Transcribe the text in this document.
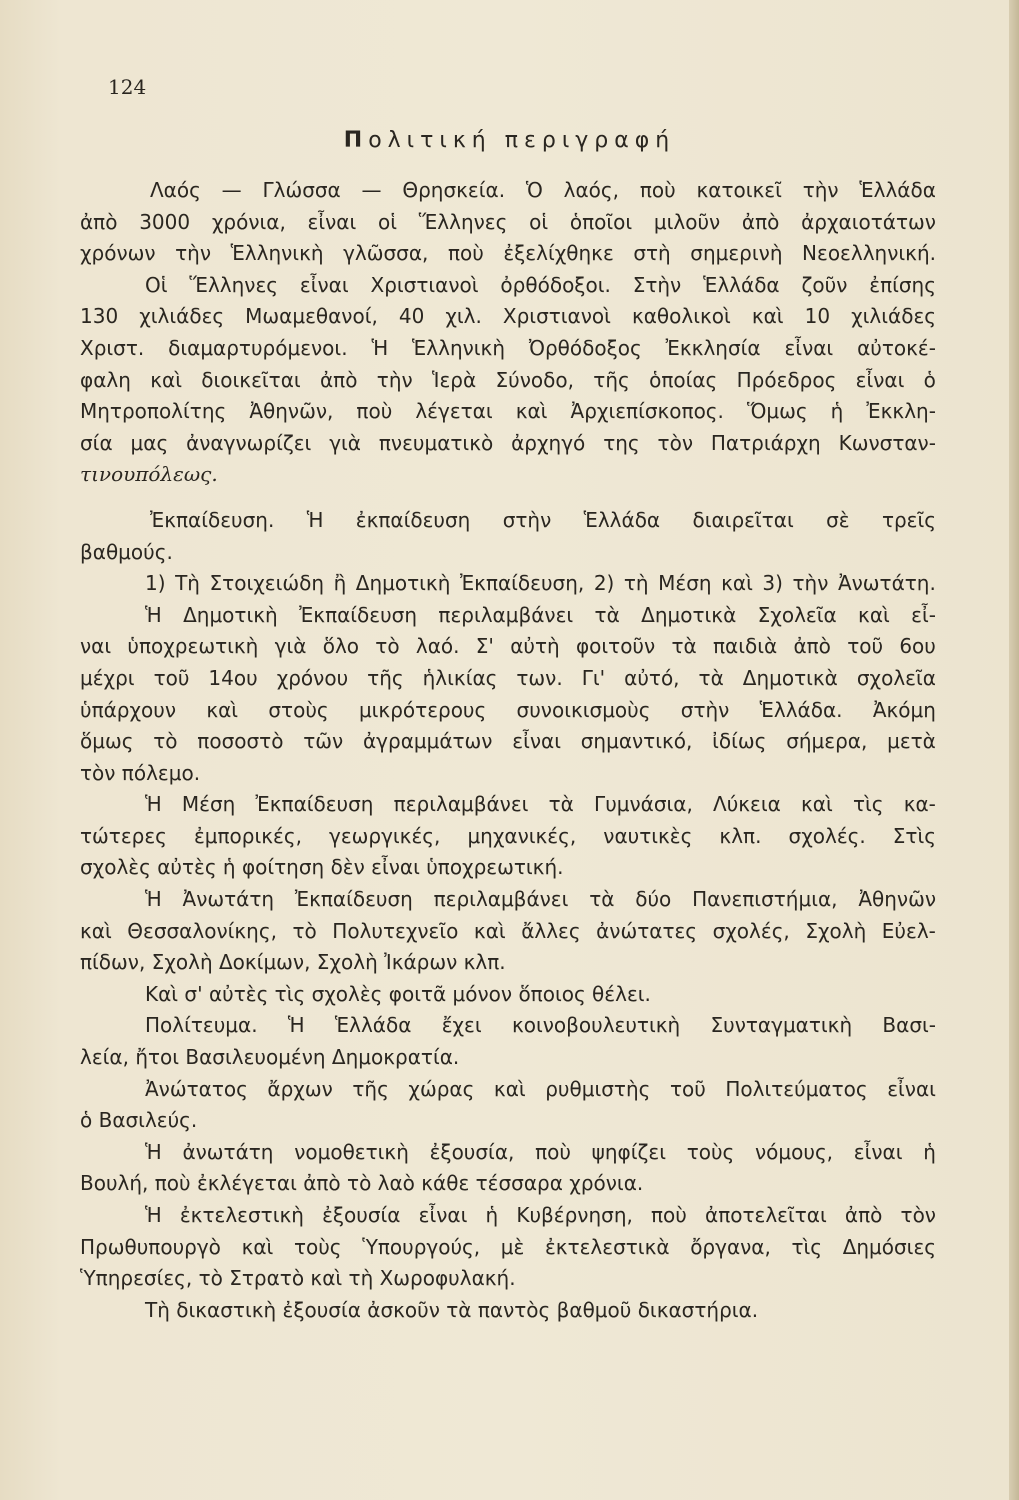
124
Πολιτική περιγραφή
Λαός — Γλώσσα — Θρησκεία. Ὁ λαός, ποὺ κατοικεῖ τὴν Ἑλλάδα
ἀπὸ 3000 χρόνια, εἶναι οἱ Ἕλληνες οἱ ὁποῖοι μιλοῦν ἀπὸ ἀρχαιοτάτων
χρόνων τὴν Ἑλληνικὴ γλῶσσα, ποὺ ἐξελίχθηκε στὴ σημερινὴ Νεοελληνική.
Οἱ Ἕλληνες εἶναι Χριστιανοὶ ὀρθόδοξοι. Στὴν Ἑλλάδα ζοῦν ἐπίσης
130 χιλιάδες Μωαμεθανοί, 40 χιλ. Χριστιανοὶ καθολικοὶ καὶ 10 χιλιάδες
Χριστ. διαμαρτυρόμενοι. Ἡ Ἑλληνικὴ Ὀρθόδοξος Ἐκκλησία εἶναι αὐτοκέ-
φαλη καὶ διοικεῖται ἀπὸ τὴν Ἱερὰ Σύνοδο, τῆς ὁποίας Πρόεδρος εἶναι ὁ
Μητροπολίτης Ἀθηνῶν, ποὺ λέγεται καὶ Ἀρχιεπίσκοπος. Ὅμως ἡ Ἐκκλη-
σία μας ἀναγνωρίζει γιὰ πνευματικὸ ἀρχηγό της τὸν Πατριάρχη Κωνσταν-
τινουπόλεως.
Ἐκπαίδευση. Ἡ ἐκπαίδευση στὴν Ἑλλάδα διαιρεῖται σὲ τρεῖς
βαθμούς.
1) Τὴ Στοιχειώδη ἢ Δημοτικὴ Ἐκπαίδευση, 2) τὴ Μέση καὶ 3) τὴν Ἀνωτάτη.
Ἡ Δημοτικὴ Ἐκπαίδευση περιλαμβάνει τὰ Δημοτικὰ Σχολεῖα καὶ εἶ-
ναι ὑποχρεωτικὴ γιὰ ὅλο τὸ λαό. Σ' αὐτὴ φοιτοῦν τὰ παιδιὰ ἀπὸ τοῦ 6ου
μέχρι τοῦ 14ου χρόνου τῆς ἡλικίας των. Γι' αὐτό, τὰ Δημοτικὰ σχολεῖα
ὑπάρχουν καὶ στοὺς μικρότερους συνοικισμοὺς στὴν Ἑλλάδα. Ἀκόμη
ὅμως τὸ ποσοστὸ τῶν ἀγραμμάτων εἶναι σημαντικό, ἰδίως σήμερα, μετὰ
τὸν πόλεμο.
Ἡ Μέση Ἐκπαίδευση περιλαμβάνει τὰ Γυμνάσια, Λύκεια καὶ τὶς κα-
τώτερες ἐμπορικές, γεωργικές, μηχανικές, ναυτικὲς κλπ. σχολές. Στὶς
σχολὲς αὐτὲς ἡ φοίτηση δὲν εἶναι ὑποχρεωτική.
Ἡ Ἀνωτάτη Ἐκπαίδευση περιλαμβάνει τὰ δύο Πανεπιστήμια, Ἀθηνῶν
καὶ Θεσσαλονίκης, τὸ Πολυτεχνεῖο καὶ ἄλλες ἀνώτατες σχολές, Σχολὴ Εὐελ-
πίδων, Σχολὴ Δοκίμων, Σχολὴ Ἰκάρων κλπ.
Καὶ σ' αὐτὲς τὶς σχολὲς φοιτᾶ μόνον ὅποιος θέλει.
Πολίτευμα. Ἡ Ἑλλάδα ἔχει κοινοβουλευτικὴ Συνταγματικὴ Βασι-
λεία, ἤτοι Βασιλευομένη Δημοκρατία.
Ἀνώτατος ἄρχων τῆς χώρας καὶ ρυθμιστὴς τοῦ Πολιτεύματος εἶναι
ὁ Βασιλεύς.
Ἡ ἀνωτάτη νομοθετικὴ ἐξουσία, ποὺ ψηφίζει τοὺς νόμους, εἶναι ἡ
Βουλή, ποὺ ἐκλέγεται ἀπὸ τὸ λαὸ κάθε τέσσαρα χρόνια.
Ἡ ἐκτελεστικὴ ἐξουσία εἶναι ἡ Κυβέρνηση, ποὺ ἀποτελεῖται ἀπὸ τὸν
Πρωθυπουργὸ καὶ τοὺς Ὑπουργούς, μὲ ἐκτελεστικὰ ὄργανα, τὶς Δημόσιες
Ὑπηρεσίες, τὸ Στρατὸ καὶ τὴ Χωροφυλακή.
Τὴ δικαστικὴ ἐξουσία ἀσκοῦν τὰ παντὸς βαθμοῦ δικαστήρια.
